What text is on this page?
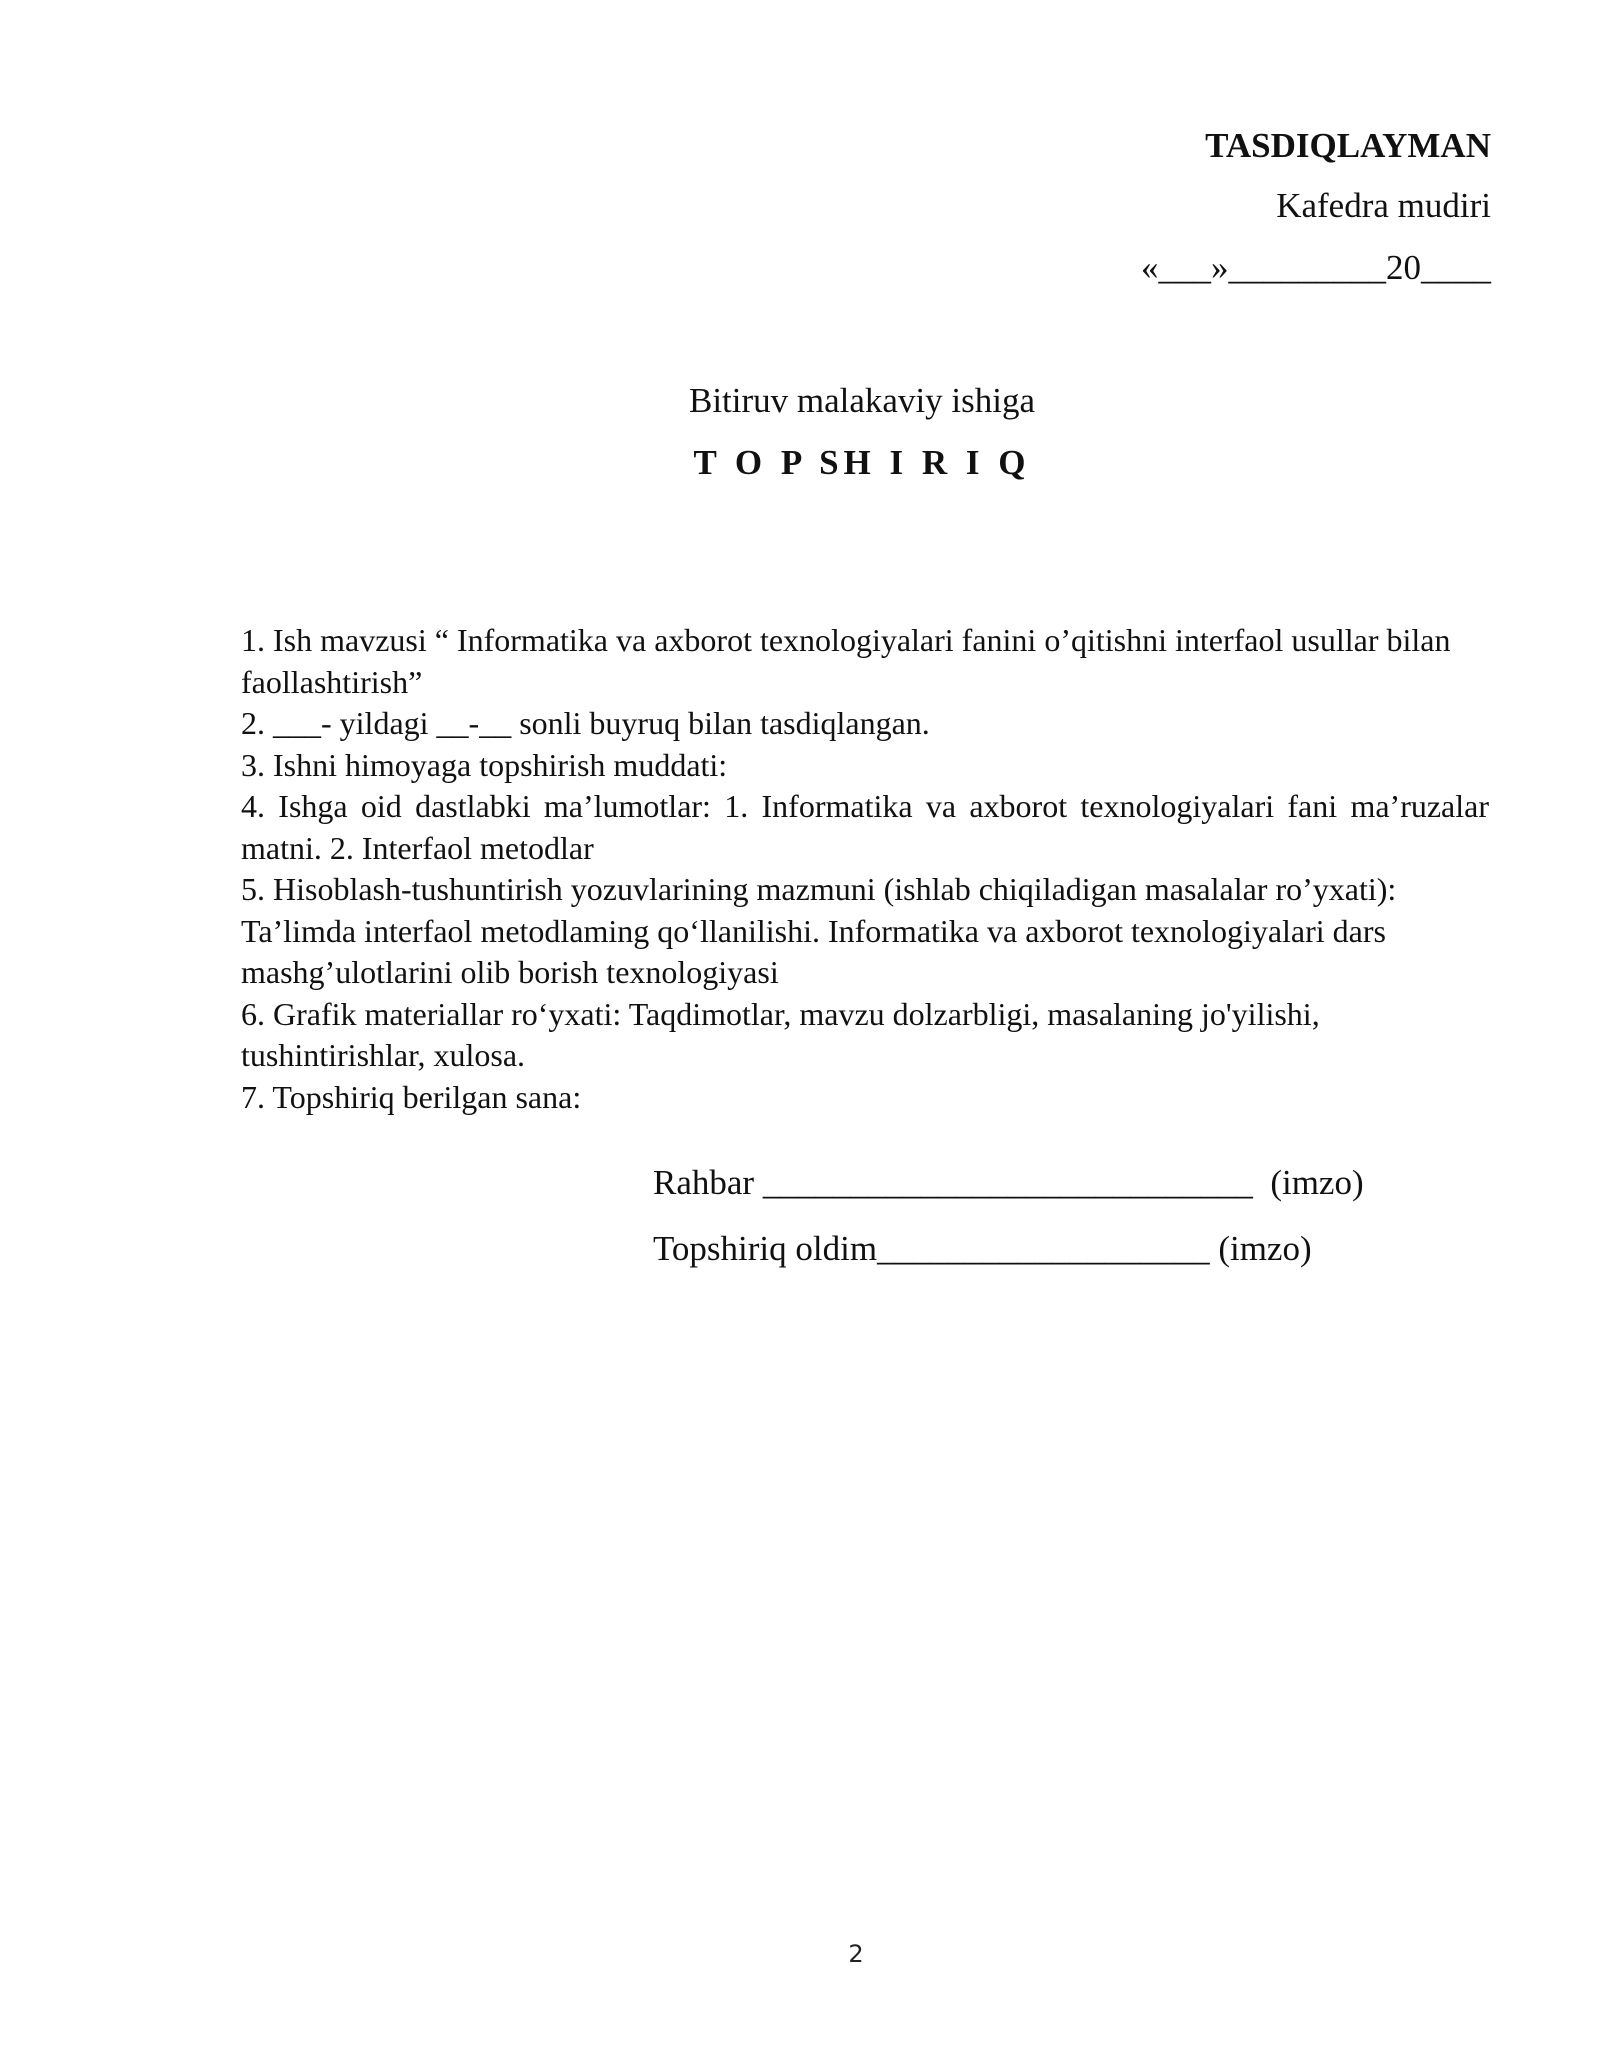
TASDIQLAYMAN
Kafedra mudiri
«___»_________20____
Bitiruv malakaviy ishiga
T O P SH I R I Q

1. Ish mavzusi “ Informatika va axborot texnologiyalari fanini o’qitishni interfaol usullar bilan faollashtirish”

2. ___- yildagi __-__ sonli buyruq bilan tasdiqlangan.

3. Ishni himoyaga topshirish muddati:

4. Ishga oid dastlabki ma’lumotlar: 1. Informatika va axborot texnologiyalari fani ma’ruzalar matni. 2. Interfaol metodlar

5. Hisoblash-tushuntirish yozuvlarining mazmuni (ishlab chiqiladigan masalalar ro’yxati): Ta’limda interfaol metodlaming qo‘llanilishi. Informatika va axborot texnologiyalari dars mashg’ulotlarini olib borish texnologiyasi

6. Grafik materiallar ro‘yxati: Taqdimotlar, mavzu dolzarbligi, masalaning jo'yilishi, tushintirishlar, xulosa.

7. Topshiriq berilgan sana:

Rahbar ____________________________  (imzo)
Topshiriq oldim___________________ (imzo)
2
